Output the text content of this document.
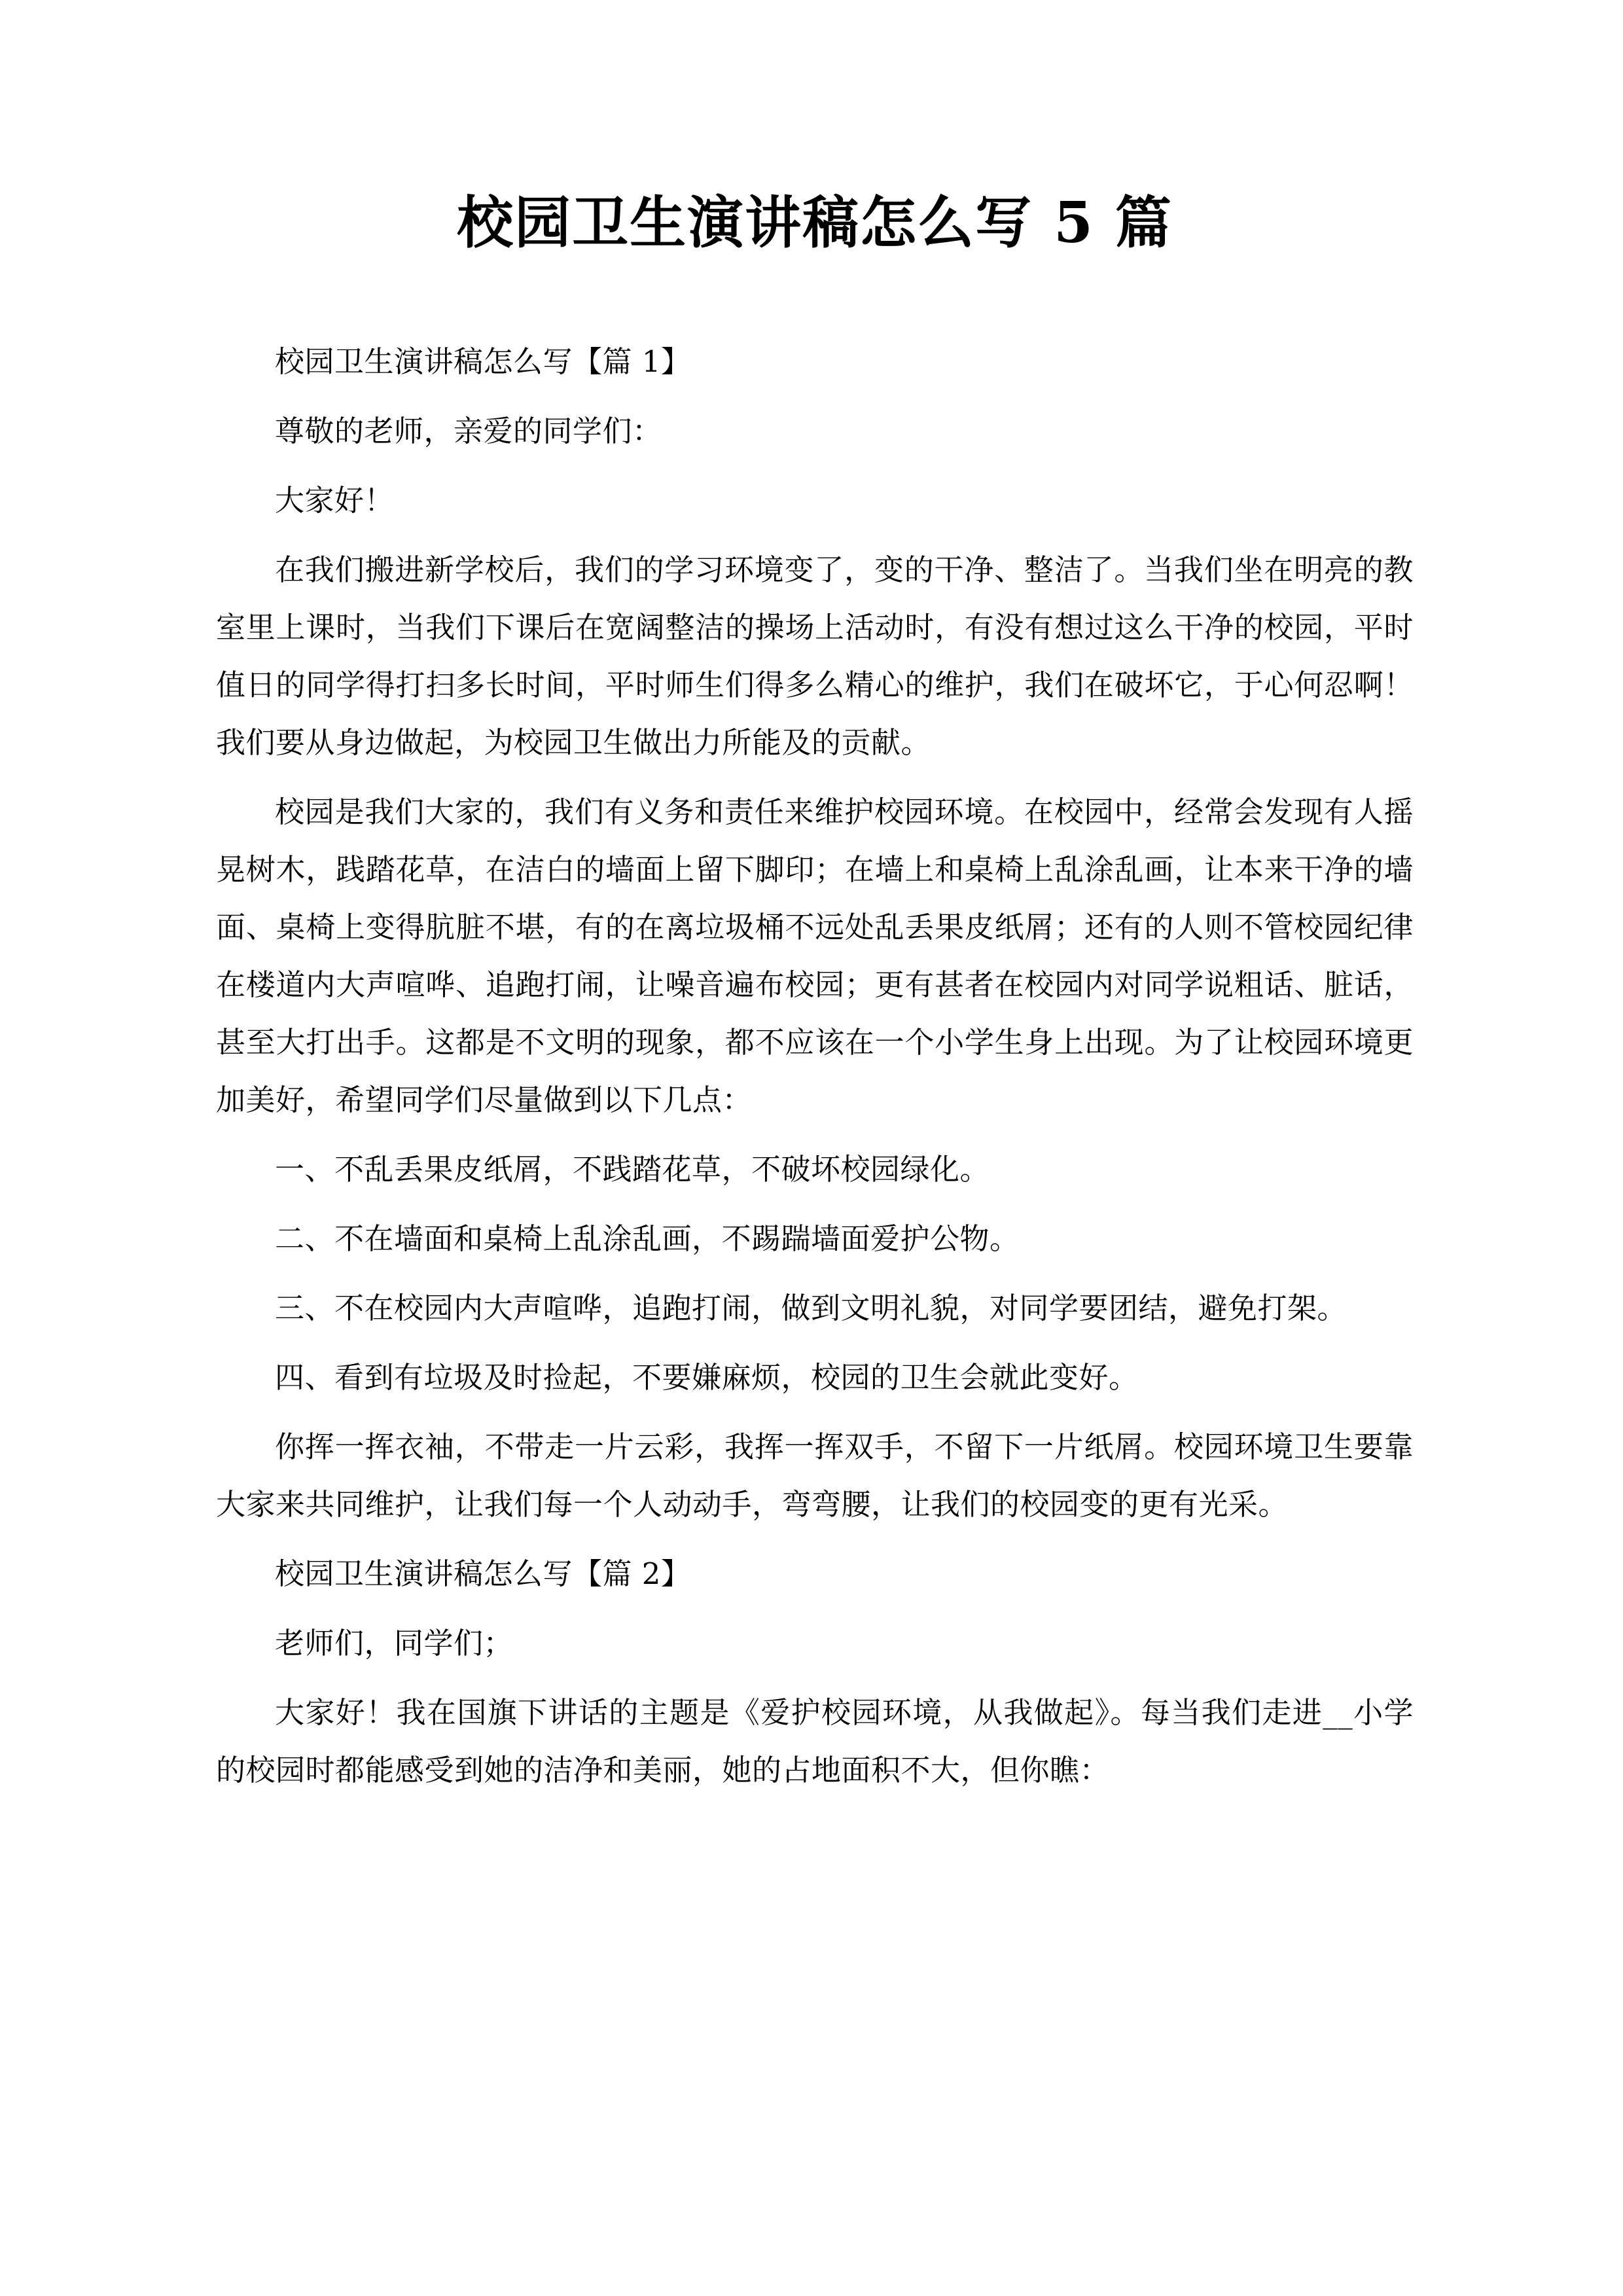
校园卫生演讲稿怎么写 5 篇

校园卫生演讲稿怎么写【篇 1】

尊敬的老师，亲爱的同学们：

大家好！

在我们搬进新学校后，我们的学习环境变了，变的干净、整洁了。当我们坐在明亮的教室里上课时，当我们下课后在宽阔整洁的操场上活动时，有没有想过这么干净的校园，平时值日的同学得打扫多长时间，平时师生们得多么精心的维护，我们在破坏它，于心何忍啊！我们要从身边做起，为校园卫生做出力所能及的贡献。

校园是我们大家的，我们有义务和责任来维护校园环境。在校园中，经常会发现有人摇晃树木，践踏花草，在洁白的墙面上留下脚印；在墙上和桌椅上乱涂乱画，让本来干净的墙面、桌椅上变得肮脏不堪，有的在离垃圾桶不远处乱丢果皮纸屑；还有的人则不管校园纪律在楼道内大声喧哗、追跑打闹，让噪音遍布校园；更有甚者在校园内对同学说粗话、脏话，甚至大打出手。这都是不文明的现象，都不应该在一个小学生身上出现。为了让校园环境更加美好，希望同学们尽量做到以下几点：

一、不乱丢果皮纸屑，不践踏花草，不破坏校园绿化。

二、不在墙面和桌椅上乱涂乱画，不踢踹墙面爱护公物。

三、不在校园内大声喧哗，追跑打闹，做到文明礼貌，对同学要团结，避免打架。

四、看到有垃圾及时捡起，不要嫌麻烦，校园的卫生会就此变好。

你挥一挥衣袖，不带走一片云彩，我挥一挥双手，不留下一片纸屑。校园环境卫生要靠大家来共同维护，让我们每一个人动动手，弯弯腰，让我们的校园变的更有光采。

校园卫生演讲稿怎么写【篇 2】

老师们，同学们；

大家好！我在国旗下讲话的主题是《爱护校园环境，从我做起》。每当我们走进__小学的校园时都能感受到她的洁净和美丽，她的占地面积不大，但你瞧：
